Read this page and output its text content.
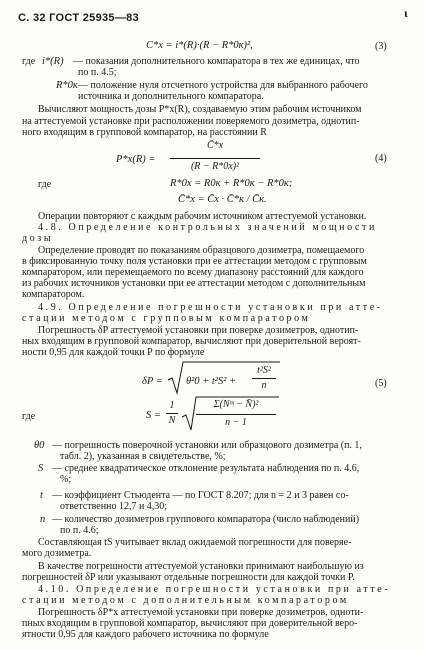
С. 32 ГОСТ 25935—83	ι
C*x = i*(R)·(R − R*0к)²,	(3)
где i*(R) — показания дополнительного компаратора в тех же единицах, что
по п. 4.5;
R*0к — положение нуля отсчетного устройства для выбранного рабочего
источника и дополнительного компаратора.
Вычисляют мощность дозы P*x(R), создаваемую этим рабочим источником
на аттестуемой установке при расположении поверяемого дозиметра, однотип-
ного входящим в групповой компаратор, на расстоянии R
P*x(R) =
C̄*x
(R − R*0x)²
(4)
где	R*0x = R0к + R*0к − R*0к;
C̄*x = C̄x · C̄*к / C̄к.
Операции повторяют с каждым рабочим источником аттестуемой установки.
4.8. Определение контрольных значений мощности
дозы
Определение проводят по показаниям образцового дозиметра, помещаемого
в фиксированную точку поля установки при ее аттестации методом с групповым
компаратором, или перемещаемого по всему диапазону расстояний для каждого
из рабочих источников установки при ее аттестации методом с дополнительным
компаратором.
4.9. Определение погрешности установки при атте-
стации методом с групповым компаратором
Погрешность δP аттестуемой установки при поверке дозиметров, однотип-
ных входящим в групповой компаратор, вычисляют при доверительной вероят-
ности 0,95 для каждой точки P по формуле
δP = θ²0 + t²S² +
t²S²
n	(5)
где	S =
1
N
Σ(Nᵐ − N̄)²
n − 1
θ0 — погрешность поверочной установки или образцового дозиметра (п. 1,
табл. 2), указанная в свидетельстве, %;
S — среднее квадратическое отклонение результата наблюдения по п. 4.6,
%;
t — коэффициент Стьюдента — по ГОСТ 8.207; для n = 2 и 3 равен со-
ответственно 12,7 и 4,30;
n — количество дозиметров группового компаратора (число наблюдений)
по п. 4.6;
Составляющая tS учитывает вклад ожидаемой погрешности для поверяе-
мого дозиметра.
В качестве погрешности аттестуемой установки принимают наибольшую из
погрешностей δP или указывают отдельные погрешности для каждой точки P.
4.10. Определение погрешности установки при атте-
стации методом с дополнительным компаратором
Погрешность δP*x аттестуемой установки при поверке дозиметров, одноти-
пных входящим в групповой компаратор, вычисляют при доверительной веро-
ятности 0,95 для каждого рабочего источника по формуле
